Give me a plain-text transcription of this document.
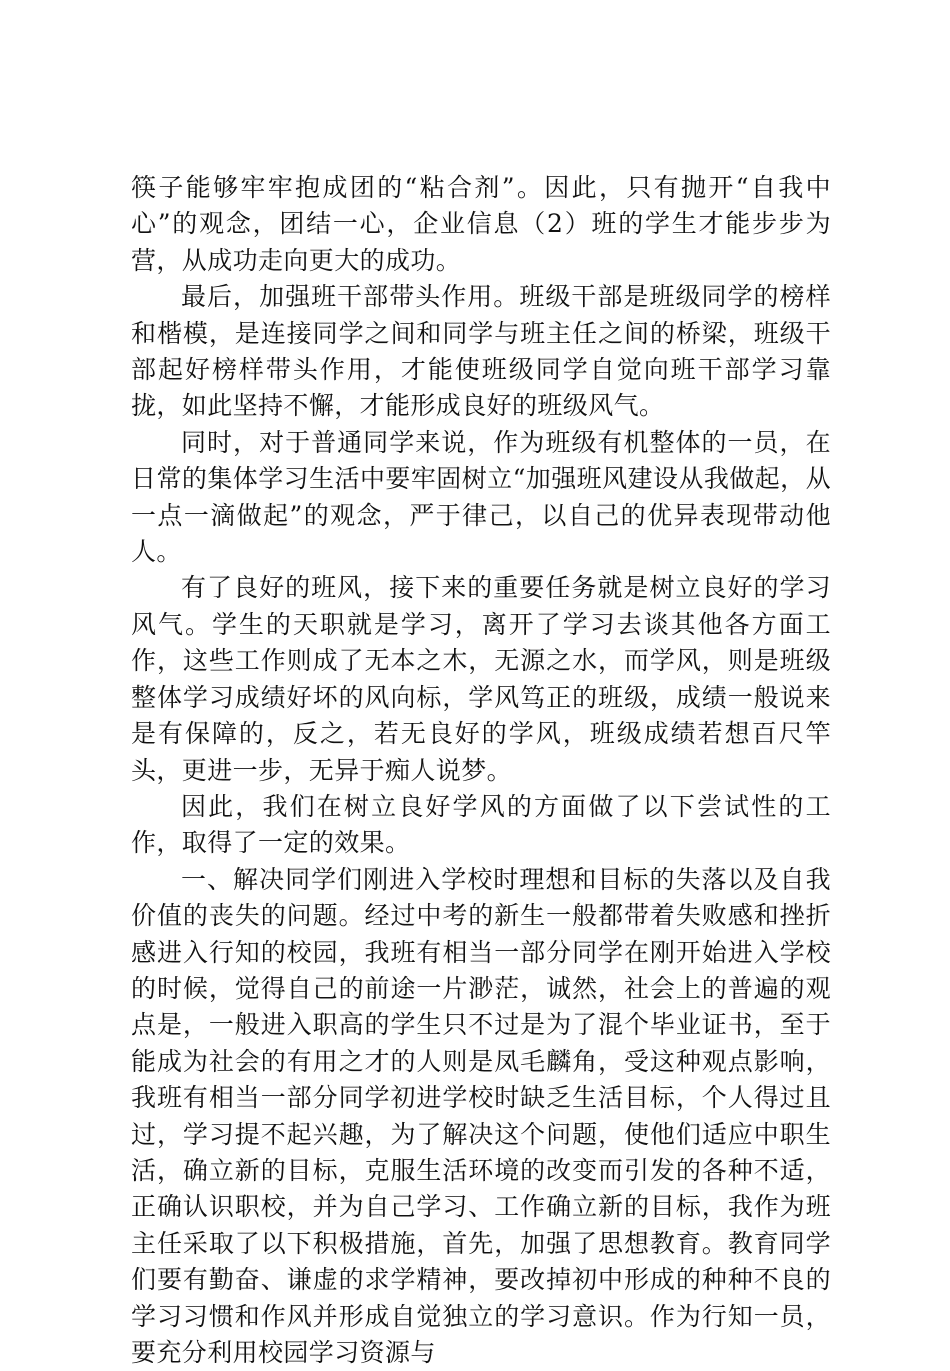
筷子能够牢牢抱成团的“粘合剂”。因此，只有抛开“自我中心”的观念，团结一心，企业信息（2）班的学生才能步步为营，从成功走向更大的成功。

最后，加强班干部带头作用。班级干部是班级同学的榜样和楷模，是连接同学之间和同学与班主任之间的桥梁，班级干部起好榜样带头作用，才能使班级同学自觉向班干部学习靠拢，如此坚持不懈，才能形成良好的班级风气。

同时，对于普通同学来说，作为班级有机整体的一员，在日常的集体学习生活中要牢固树立“加强班风建设从我做起，从一点一滴做起”的观念，严于律己，以自己的优异表现带动他人。

有了良好的班风，接下来的重要任务就是树立良好的学习风气。学生的天职就是学习，离开了学习去谈其他各方面工作，这些工作则成了无本之木，无源之水，而学风，则是班级整体学习成绩好坏的风向标，学风笃正的班级，成绩一般说来是有保障的，反之，若无良好的学风，班级成绩若想百尺竿头，更进一步，无异于痴人说梦。

因此，我们在树立良好学风的方面做了以下尝试性的工作，取得了一定的效果。

一、解决同学们刚进入学校时理想和目标的失落以及自我价值的丧失的问题。经过中考的新生一般都带着失败感和挫折感进入行知的校园，我班有相当一部分同学在刚开始进入学校的时候，觉得自己的前途一片渺茫，诚然，社会上的普遍的观点是，一般进入职高的学生只不过是为了混个毕业证书，至于能成为社会的有用之才的人则是凤毛麟角，受这种观点影响，我班有相当一部分同学初进学校时缺乏生活目标，个人得过且过，学习提不起兴趣，为了解决这个问题，使他们适应中职生活，确立新的目标，克服生活环境的改变而引发的各种不适，正确认识职校，并为自己学习、工作确立新的目标，我作为班主任采取了以下积极措施，首先，加强了思想教育。教育同学们要有勤奋、谦虚的求学精神，要改掉初中形成的种种不良的学习习惯和作风并形成自觉独立的学习意识。作为行知一员，要充分利用校园学习资源与
